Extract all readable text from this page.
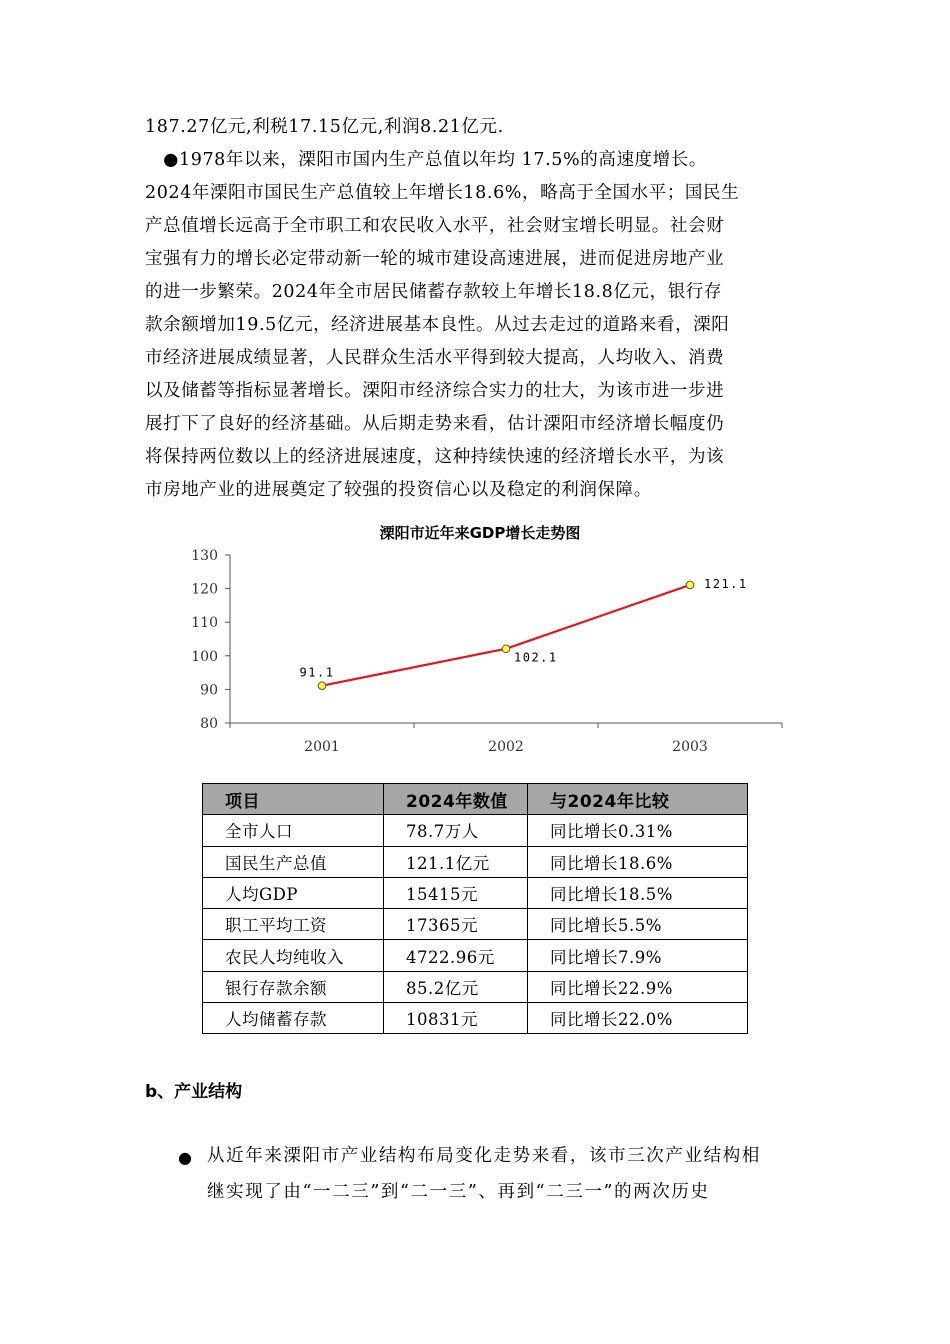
187.27亿元,利税17.15亿元,利润8.21亿元.
　●1978年以来，溧阳市国内生产总值以年均 17.5%的高速度增长。
2024年溧阳市国民生产总值较上年增长18.6%，略高于全国水平；国民生
产总值增长远高于全市职工和农民收入水平，社会财宝增长明显。社会财
宝强有力的增长必定带动新一轮的城市建设高速进展，进而促进房地产业
的进一步繁荣。2024年全市居民储蓄存款较上年增长18.8亿元，银行存
款余额增加19.5亿元，经济进展基本良性。从过去走过的道路来看，溧阳
市经济进展成绩显著，人民群众生活水平得到较大提高，人均收入、消费
以及储蓄等指标显著增长。溧阳市经济综合实力的壮大，为该市进一步进
展打下了良好的经济基础。从后期走势来看，估计溧阳市经济增长幅度仍
将保持两位数以上的经济进展速度，这种持续快速的经济增长水平，为该
市房地产业的进展奠定了较强的投资信心以及稳定的利润保障。
溧阳市近年来GDP增长走势图
80
90
100
110
120
130
2001	2002	2003
91.1
102.1
121.1
项目	2024年数值	与2024年比较
全市人口	78.7万人	同比增长0.31%
国民生产总值	121.1亿元	同比增长18.6%
人均GDP	15415元	同比增长18.5%
职工平均工资	17365元	同比增长5.5%
农民人均纯收入	4722.96元	同比增长7.9%
银行存款余额	85.2亿元	同比增长22.9%
人均储蓄存款	10831元	同比增长22.0%
b、产业结构
● 从近年来溧阳市产业结构布局变化走势来看，该市三次产业结构相
继实现了由“一二三”到“二一三”、再到“二三一”的两次历史
